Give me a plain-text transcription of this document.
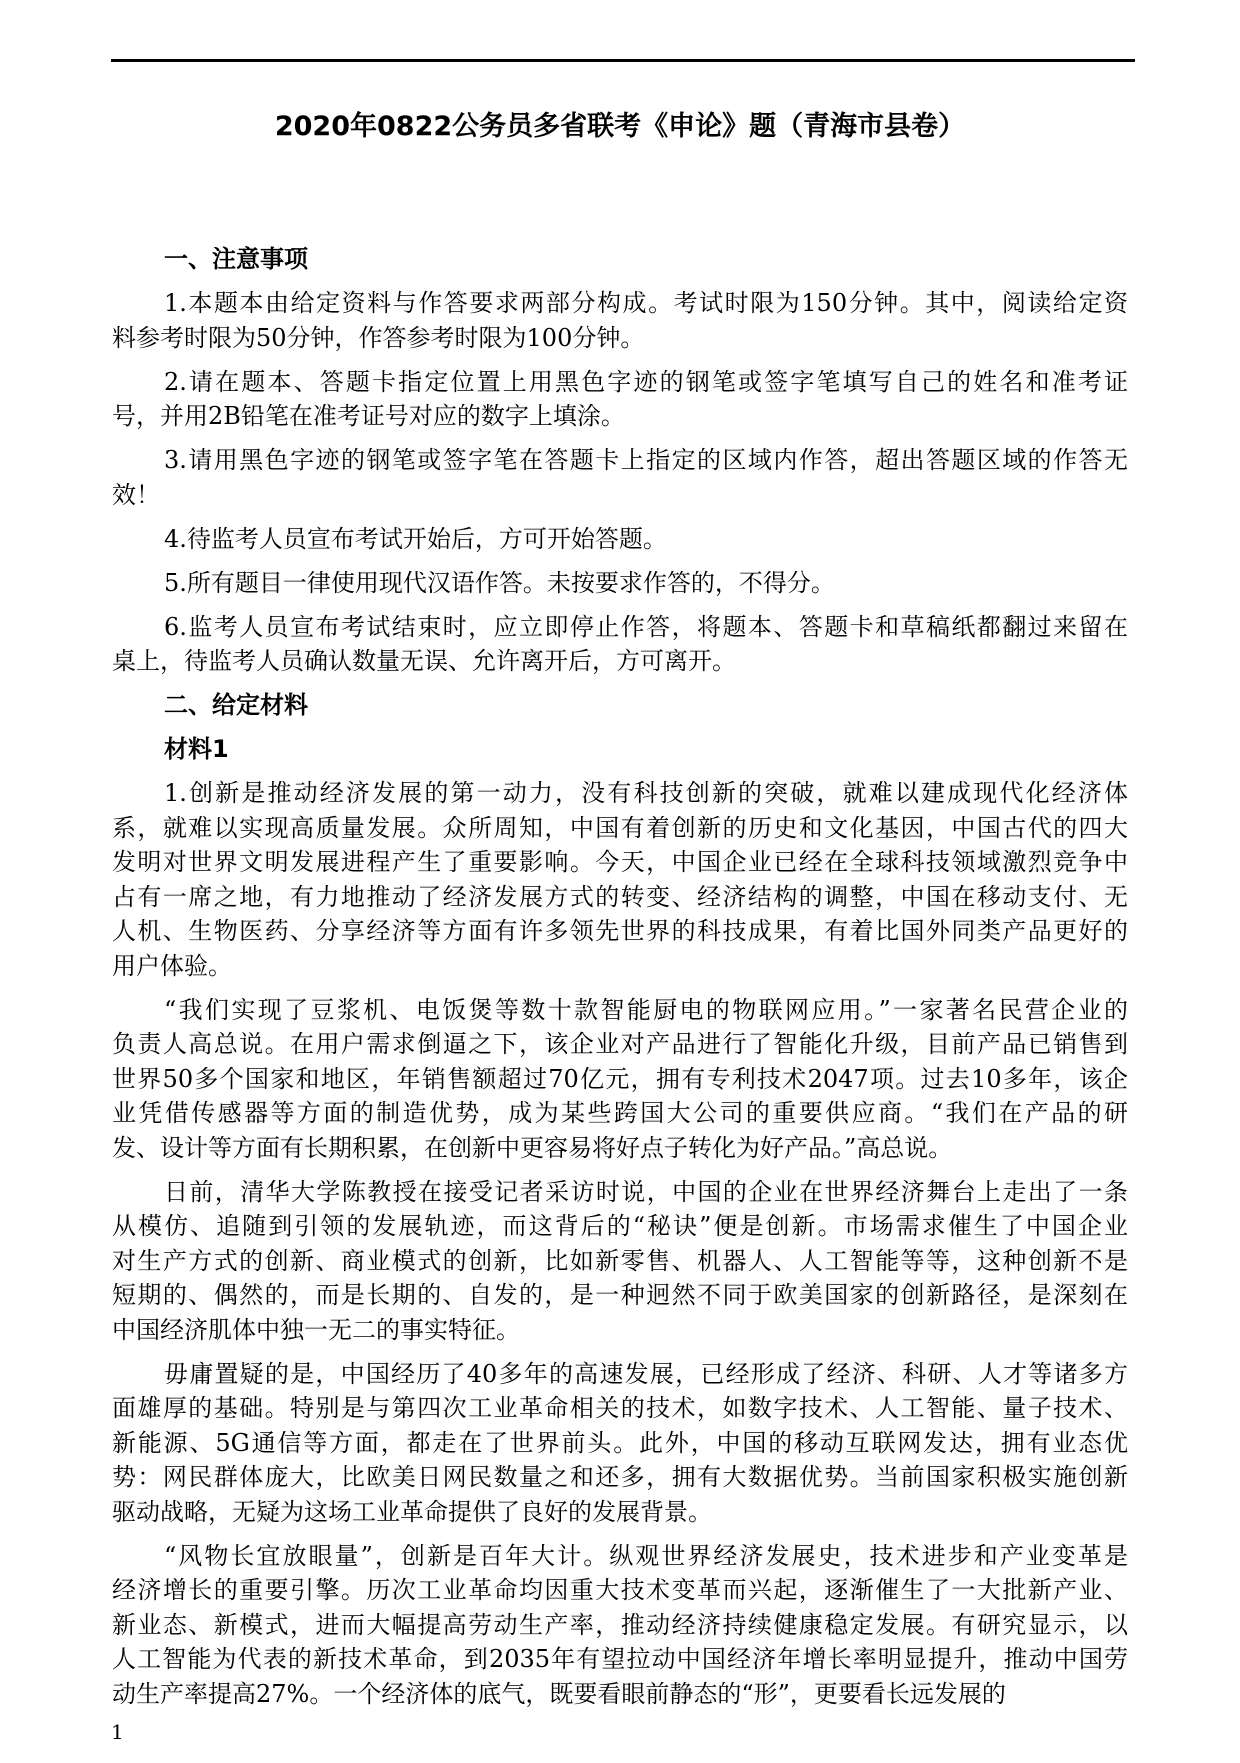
2020年0822公务员多省联考《申论》题（青海市县卷）
一、注意事项
1.本题本由给定资料与作答要求两部分构成。考试时限为150分钟。其中，阅读给定资
料参考时限为50分钟，作答参考时限为100分钟。
2.请在题本、答题卡指定位置上用黑色字迹的钢笔或签字笔填写自己的姓名和准考证
号，并用2B铅笔在准考证号对应的数字上填涂。
3.请用黑色字迹的钢笔或签字笔在答题卡上指定的区域内作答，超出答题区域的作答无
效！
4.待监考人员宣布考试开始后，方可开始答题。
5.所有题目一律使用现代汉语作答。未按要求作答的，不得分。
6.监考人员宣布考试结束时，应立即停止作答，将题本、答题卡和草稿纸都翻过来留在
桌上，待监考人员确认数量无误、允许离开后，方可离开。
二、给定材料
材料1
1.创新是推动经济发展的第一动力，没有科技创新的突破，就难以建成现代化经济体
系，就难以实现高质量发展。众所周知，中国有着创新的历史和文化基因，中国古代的四大
发明对世界文明发展进程产生了重要影响。今天，中国企业已经在全球科技领域激烈竞争中
占有一席之地，有力地推动了经济发展方式的转变、经济结构的调整，中国在移动支付、无
人机、生物医药、分享经济等方面有许多领先世界的科技成果，有着比国外同类产品更好的
用户体验。
“我们实现了豆浆机、电饭煲等数十款智能厨电的物联网应用。”一家著名民营企业的
负责人高总说。在用户需求倒逼之下，该企业对产品进行了智能化升级，目前产品已销售到
世界50多个国家和地区，年销售额超过70亿元，拥有专利技术2047项。过去10多年，该企
业凭借传感器等方面的制造优势，成为某些跨国大公司的重要供应商。“我们在产品的研
发、设计等方面有长期积累，在创新中更容易将好点子转化为好产品。”高总说。
日前，清华大学陈教授在接受记者采访时说，中国的企业在世界经济舞台上走出了一条
从模仿、追随到引领的发展轨迹，而这背后的“秘诀”便是创新。市场需求催生了中国企业
对生产方式的创新、商业模式的创新，比如新零售、机器人、人工智能等等，这种创新不是
短期的、偶然的，而是长期的、自发的，是一种迥然不同于欧美国家的创新路径，是深刻在
中国经济肌体中独一无二的事实特征。
毋庸置疑的是，中国经历了40多年的高速发展，已经形成了经济、科研、人才等诸多方
面雄厚的基础。特别是与第四次工业革命相关的技术，如数字技术、人工智能、量子技术、
新能源、5G通信等方面，都走在了世界前头。此外，中国的移动互联网发达，拥有业态优
势：网民群体庞大，比欧美日网民数量之和还多，拥有大数据优势。当前国家积极实施创新
驱动战略，无疑为这场工业革命提供了良好的发展背景。
“风物长宜放眼量”，创新是百年大计。纵观世界经济发展史，技术进步和产业变革是
经济增长的重要引擎。历次工业革命均因重大技术变革而兴起，逐渐催生了一大批新产业、
新业态、新模式，进而大幅提高劳动生产率，推动经济持续健康稳定发展。有研究显示，以
人工智能为代表的新技术革命，到2035年有望拉动中国经济年增长率明显提升，推动中国劳
动生产率提高27%。一个经济体的底气，既要看眼前静态的“形”，更要看长远发展的
1
